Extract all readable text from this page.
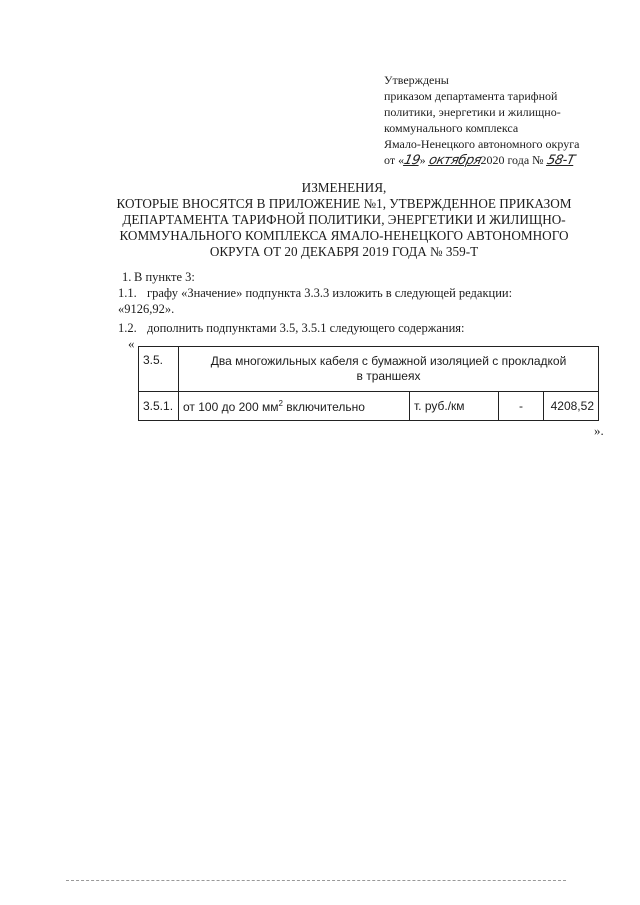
Утверждены
приказом департамента тарифной
политики, энергетики и жилищно-
коммунального комплекса
Ямало-Ненецкого автономного округа
от «19» октября2020 года № 58-Т
ИЗМЕНЕНИЯ,
КОТОРЫЕ ВНОСЯТСЯ В ПРИЛОЖЕНИЕ №1, УТВЕРЖДЕННОЕ ПРИКАЗОМ
ДЕПАРТАМЕНТА ТАРИФНОЙ ПОЛИТИКИ, ЭНЕРГЕТИКИ И ЖИЛИЩНО-
КОММУНАЛЬНОГО КОМПЛЕКСА ЯМАЛО-НЕНЕЦКОГО АВТОНОМНОГО
ОКРУГА ОТ 20 ДЕКАБРЯ 2019 ГОДА № 359-Т
1. В пункте 3:
1.1. графу «Значение» подпункта 3.3.3 изложить в следующей редакции:
«9126,92».
1.2. дополнить подпунктами 3.5, 3.5.1 следующего содержания:
«
3.5.	Два многожильных кабеля с бумажной изоляцией с прокладкой
в траншеях			
3.5.1.	от 100 до 200 $мм^2$ включительно	т. руб./км	-	4208,52
».
